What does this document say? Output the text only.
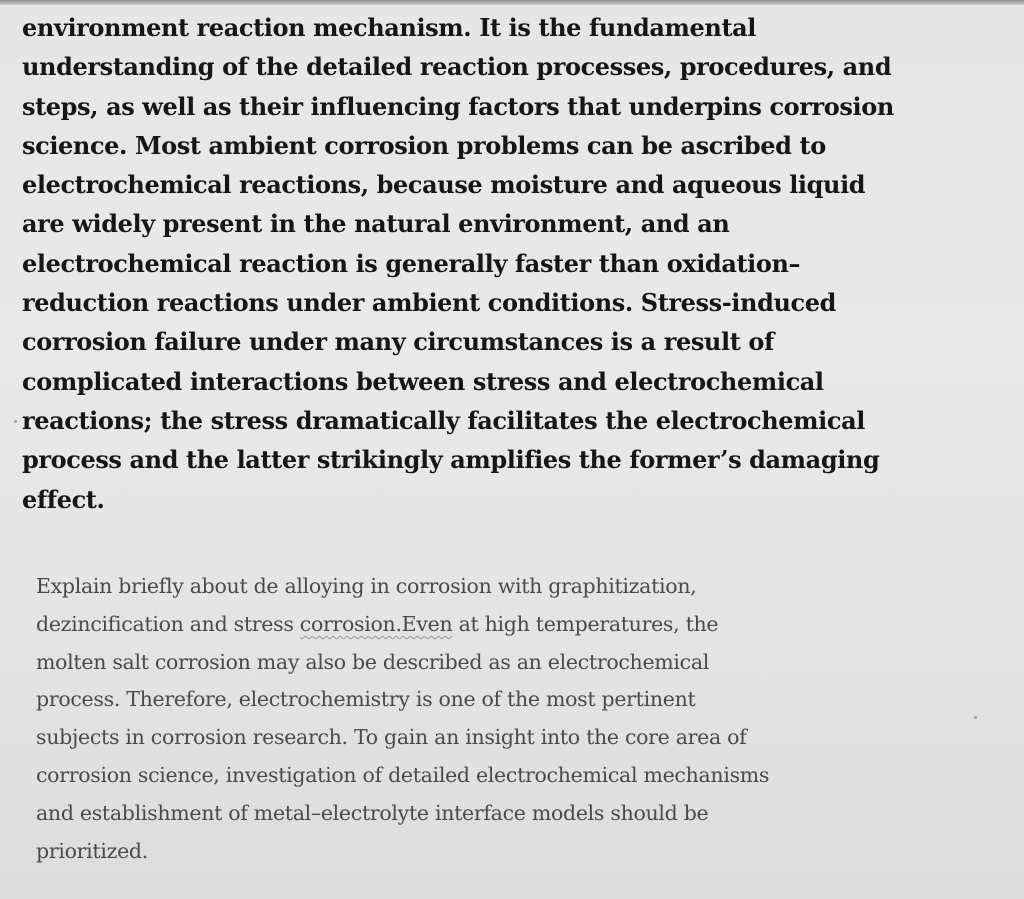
environment reaction mechanism. It is the fundamental
understanding of the detailed reaction processes, procedures, and
steps, as well as their influencing factors that underpins corrosion
science. Most ambient corrosion problems can be ascribed to
electrochemical reactions, because moisture and aqueous liquid
are widely present in the natural environment, and an
electrochemical reaction is generally faster than oxidation–
reduction reactions under ambient conditions. Stress-induced
corrosion failure under many circumstances is a result of
complicated interactions between stress and electrochemical
reactions; the stress dramatically facilitates the electrochemical
process and the latter strikingly amplifies the former’s damaging
effect.

Explain briefly about de alloying in corrosion with graphitization,
dezincification and stress corrosion.Even at high temperatures, the
molten salt corrosion may also be described as an electrochemical
process. Therefore, electrochemistry is one of the most pertinent
subjects in corrosion research. To gain an insight into the core area of
corrosion science, investigation of detailed electrochemical mechanisms
and establishment of metal–electrolyte interface models should be
prioritized.
